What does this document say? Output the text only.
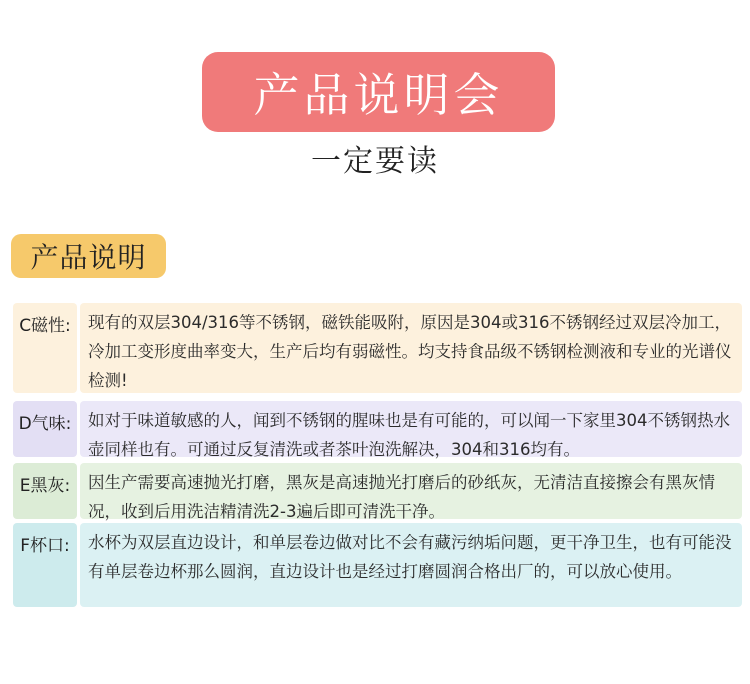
产品说明会
一定要读
产品说明
C磁性:	现有的双层304/316等不锈钢，磁铁能吸附，原因是304或316不锈钢经过双层冷加工，冷加工变形度曲率变大，生产后均有弱磁性。均支持食品级不锈钢检测液和专业的光谱仪检测!
D气味:	如对于味道敏感的人，闻到不锈钢的腥味也是有可能的，可以闻一下家里304不锈钢热水壶同样也有。可通过反复清洗或者茶叶泡洗解决，304和316均有。
E黑灰:	因生产需要高速抛光打磨，黑灰是高速抛光打磨后的砂纸灰，无清洁直接擦会有黑灰情况，收到后用洗洁精清洗2-3遍后即可清洗干净。
F杯口:	水杯为双层直边设计，和单层卷边做对比不会有藏污纳垢问题，更干净卫生，也有可能没有单层卷边杯那么圆润，直边设计也是经过打磨圆润合格出厂的，可以放心使用。
